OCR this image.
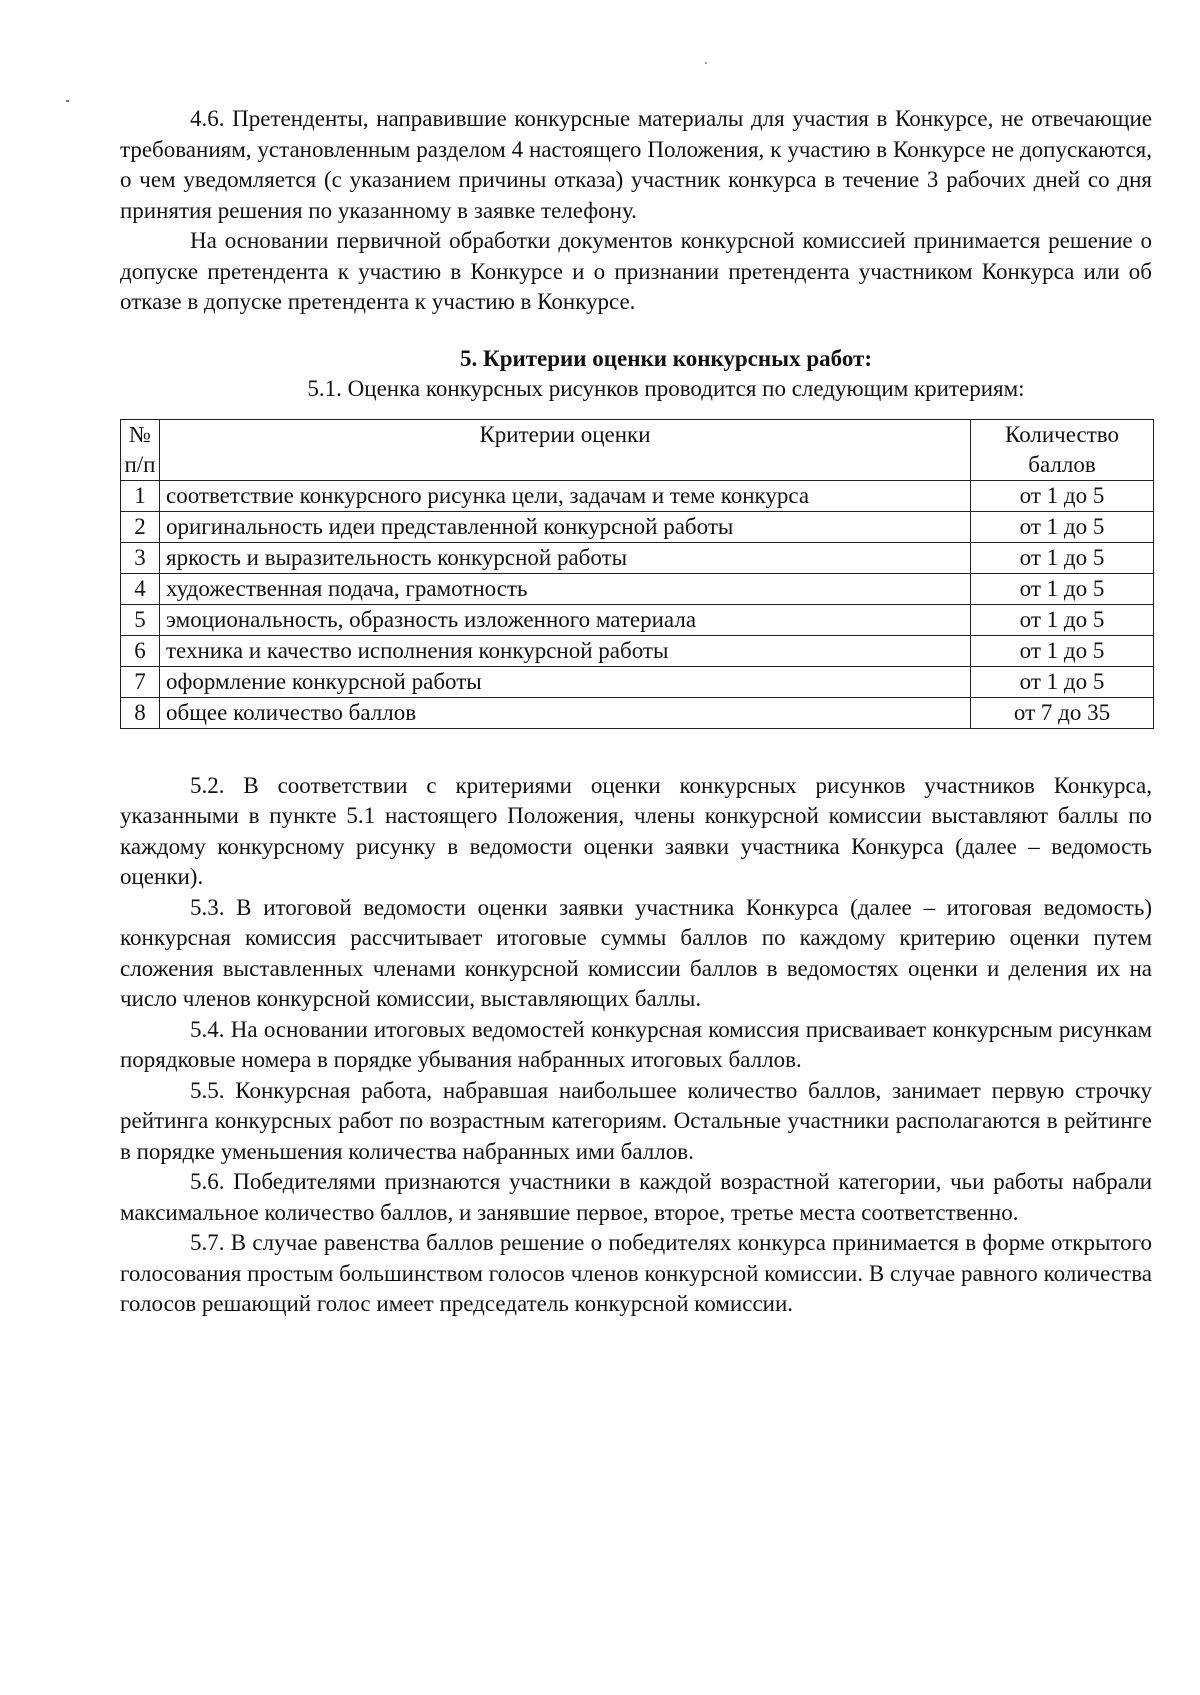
4.6. Претенденты, направившие конкурсные материалы для участия в Конкурсе, не отвечающие требованиям, установленным разделом 4 настоящего Положения, к участию в Конкурсе не допускаются, о чем уведомляется (с указанием причины отказа) участник конкурса в течение 3 рабочих дней со дня принятия решения по указанному в заявке телефону.

На основании первичной обработки документов конкурсной комиссией принимается решение о допуске претендента к участию в Конкурсе и о признании претендента участником Конкурса или об отказе в допуске претендента к участию в Конкурсе.

5. Критерии оценки конкурсных работ:
5.1. Оценка конкурсных рисунков проводится по следующим критериям:
№ п/п	Критерии оценки	Количество баллов
1	соответствие конкурсного рисунка цели, задачам и теме конкурса	от 1 до 5
2	оригинальность идеи представленной конкурсной работы	от 1 до 5
3	яркость и выразительность конкурсной работы	от 1 до 5
4	художественная подача, грамотность	от 1 до 5
5	эмоциональность, образность изложенного материала	от 1 до 5
6	техника и качество исполнения конкурсной работы	от 1 до 5
7	оформление конкурсной работы	от 1 до 5
8	общее количество баллов	от 7 до 35

5.2. В соответствии с критериями оценки конкурсных рисунков участников Конкурса, указанными в пункте 5.1 настоящего Положения, члены конкурсной комиссии выставляют баллы по каждому конкурсному рисунку в ведомости оценки заявки участника Конкурса (далее – ведомость оценки).

5.3. В итоговой ведомости оценки заявки участника Конкурса (далее – итоговая ведомость) конкурсная комиссия рассчитывает итоговые суммы баллов по каждому критерию оценки путем сложения выставленных членами конкурсной комиссии баллов в ведомостях оценки и деления их на число членов конкурсной комиссии, выставляющих баллы.

5.4. На основании итоговых ведомостей конкурсная комиссия присваивает конкурсным рисункам порядковые номера в порядке убывания набранных итоговых баллов.

5.5. Конкурсная работа, набравшая наибольшее количество баллов, занимает первую строчку рейтинга конкурсных работ по возрастным категориям. Остальные участники располагаются в рейтинге в порядке уменьшения количества набранных ими баллов.

5.6. Победителями признаются участники в каждой возрастной категории, чьи работы набрали максимальное количество баллов, и занявшие первое, второе, третье места соответственно.

5.7. В случае равенства баллов решение о победителях конкурса принимается в форме открытого голосования простым большинством голосов членов конкурсной комиссии. В случае равного количества голосов решающий голос имеет председатель конкурсной комиссии.
